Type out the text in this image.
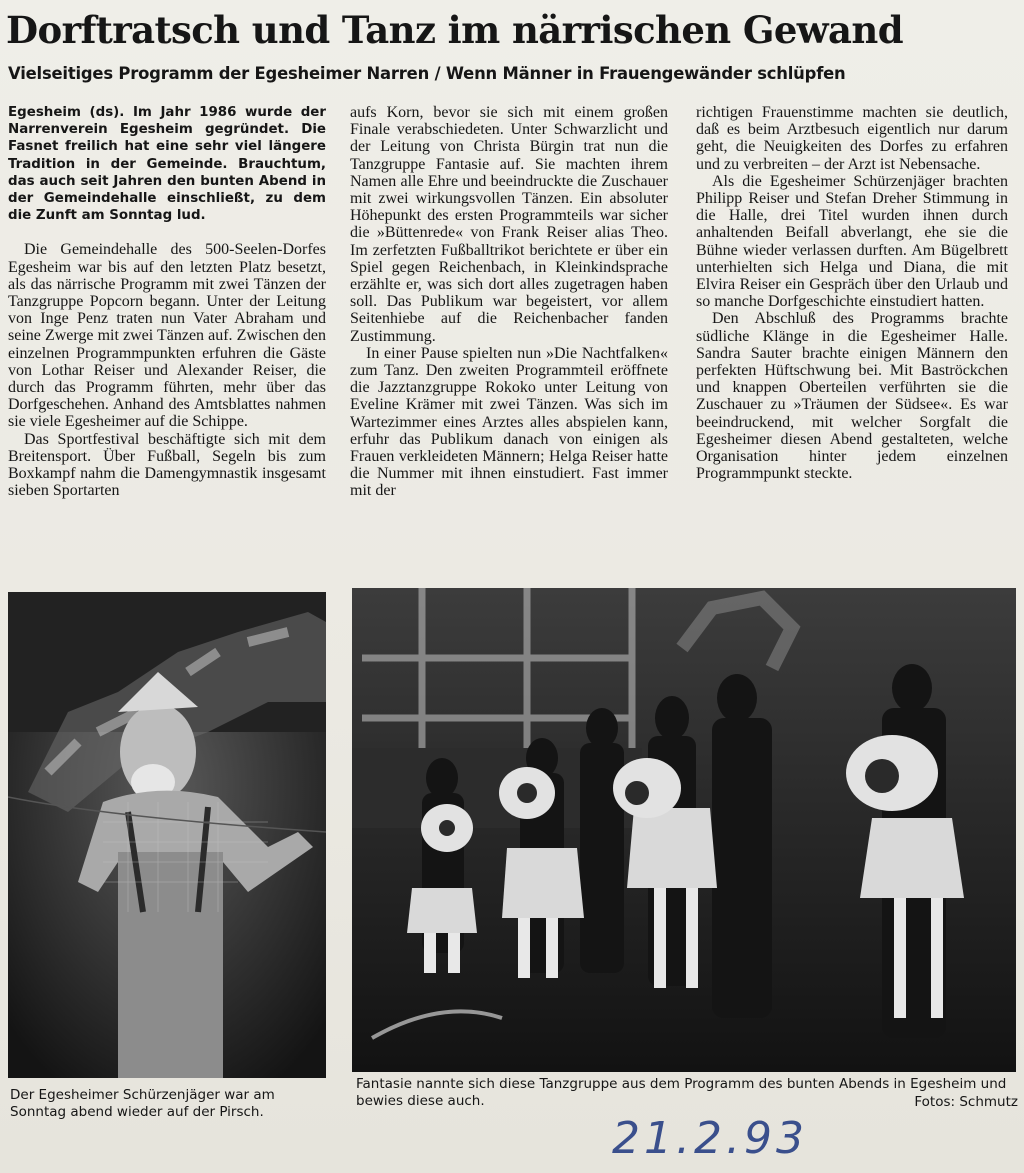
Dorftratsch und Tanz im närrischen Gewand
Vielseitiges Programm der Egesheimer Narren / Wenn Männer in Frauengewänder schlüpfen

Egesheim (ds). Im Jahr 1986 wurde der Narrenverein Egesheim gegründet. Die Fasnet freilich hat eine sehr viel längere Tradition in der Gemeinde. Brauchtum, das auch seit Jahren den bunten Abend in der Gemeindehalle einschließt, zu dem die Zunft am Sonntag lud.

Die Gemeindehalle des 500-Seelen-Dorfes Egesheim war bis auf den letzten Platz besetzt, als das närrische Programm mit zwei Tänzen der Tanzgruppe Popcorn begann. Unter der Leitung von Inge Penz traten nun Vater Abraham und seine Zwerge mit zwei Tänzen auf. Zwischen den einzelnen Programmpunkten erfuhren die Gäste von Lothar Reiser und Alexander Reiser, die durch das Programm führten, mehr über das Dorfgeschehen. Anhand des Amtsblattes nahmen sie viele Egesheimer auf die Schippe.

Das Sportfestival beschäftigte sich mit dem Breitensport. Über Fußball, Segeln bis zum Boxkampf nahm die Damengymnastik insgesamt sieben Sportarten

aufs Korn, bevor sie sich mit einem großen Finale verabschiedeten. Unter Schwarzlicht und der Leitung von Christa Bürgin trat nun die Tanzgruppe Fantasie auf. Sie machten ihrem Namen alle Ehre und beeindruckte die Zuschauer mit zwei wirkungsvollen Tänzen. Ein absoluter Höhepunkt des ersten Programmteils war sicher die »Büttenrede« von Frank Reiser alias Theo. Im zerfetzten Fußballtrikot berichtete er über ein Spiel gegen Reichenbach, in Kleinkindsprache erzählte er, was sich dort alles zugetragen haben soll. Das Publikum war begeistert, vor allem Seitenhiebe auf die Reichenbacher fanden Zustimmung.

In einer Pause spielten nun »Die Nachtfalken« zum Tanz. Den zweiten Programmteil eröffnete die Jazztanzgruppe Rokoko unter Leitung von Eveline Krämer mit zwei Tänzen. Was sich im Wartezimmer eines Arztes alles abspielen kann, erfuhr das Publikum danach von einigen als Frauen verkleideten Männern; Helga Reiser hatte die Nummer mit ihnen einstudiert. Fast immer mit der

richtigen Frauenstimme machten sie deutlich, daß es beim Arztbesuch eigentlich nur darum geht, die Neuigkeiten des Dorfes zu erfahren und zu verbreiten – der Arzt ist Nebensache.

Als die Egesheimer Schürzenjäger brachten Philipp Reiser und Stefan Dreher Stimmung in die Halle, drei Titel wurden ihnen durch anhaltenden Beifall abverlangt, ehe sie die Bühne wieder verlassen durften. Am Bügelbrett unterhielten sich Helga und Diana, die mit Elvira Reiser ein Gespräch über den Urlaub und so manche Dorfgeschichte einstudiert hatten.

Den Abschluß des Programms brachte südliche Klänge in die Egesheimer Halle. Sandra Sauter brachte einigen Männern den perfekten Hüftschwung bei. Mit Baströckchen und knappen Oberteilen verführten sie die Zuschauer zu »Träumen der Südsee«. Es war beeindruckend, mit welcher Sorgfalt die Egesheimer diesen Abend gestalteten, welche Organisation hinter jedem einzelnen Programmpunkt steckte.

Der Egesheimer Schürzenjäger war am Sonntag abend wieder auf der Pirsch.
Fantasie nannte sich diese Tanzgruppe aus dem Programm des bunten Abends in Egesheim und bewies diese auch.	Fotos: Schmutz
21.2.93
